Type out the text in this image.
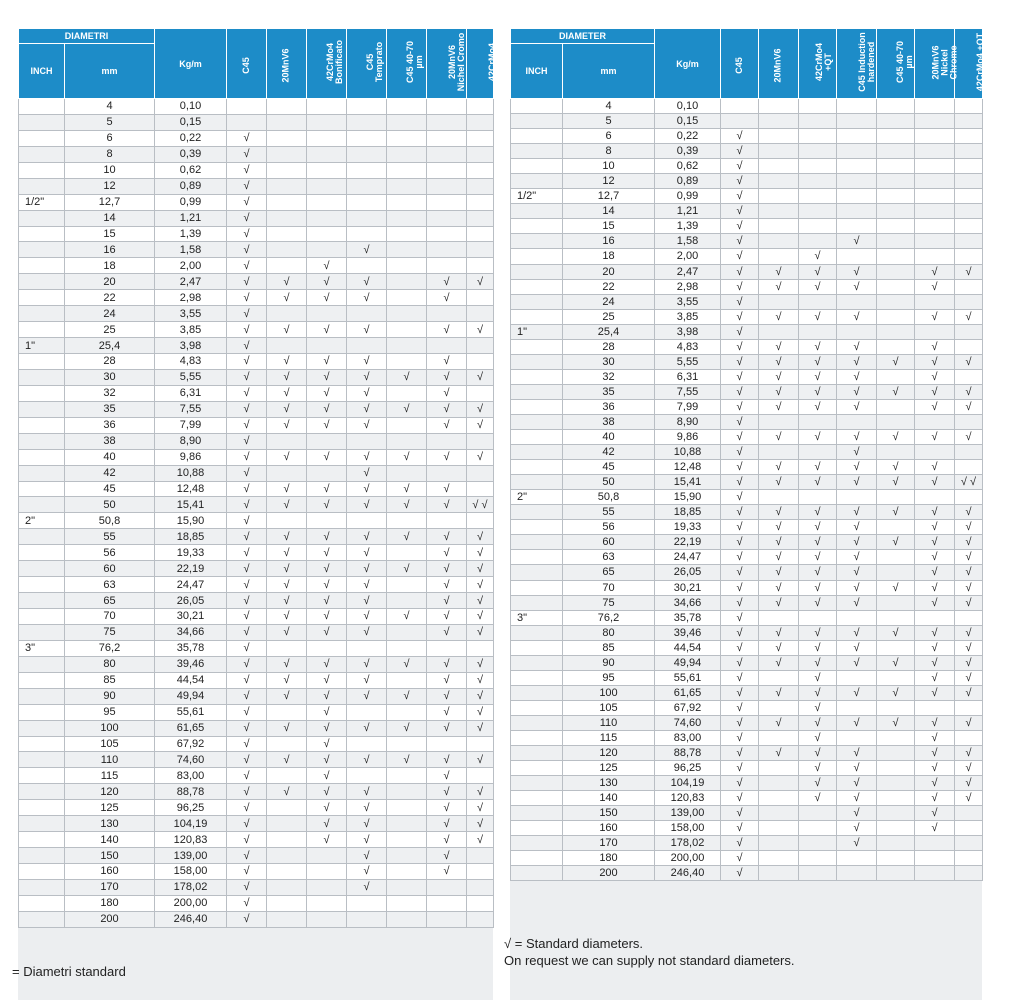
DIAMETRI		Kg/m	C45	20MnV6	42CrMo4 Bonificato	C45 Temprato	C45 40-70 µm	20MnV6 Nichel Cromo	42CrMo4 Bonificato
INCH	mm								
	4	0,10							
	5	0,15							
	6	0,22	√						
	8	0,39	√						
	10	0,62	√						
	12	0,89	√						
1/2"	12,7	0,99	√						
	14	1,21	√						
	15	1,39	√						
	16	1,58	√			√			
	18	2,00	√		√				
	20	2,47	√	√	√	√		√	√
	22	2,98	√	√	√	√		√	
	24	3,55	√						
	25	3,85	√	√	√	√		√	√
1"	25,4	3,98	√						
	28	4,83	√	√	√	√		√	
	30	5,55	√	√	√	√	√	√	√
	32	6,31	√	√	√	√		√	
	35	7,55	√	√	√	√	√	√	√
	36	7,99	√	√	√	√		√	√
	38	8,90	√						
	40	9,86	√	√	√	√	√	√	√
	42	10,88	√			√			
	45	12,48	√	√	√	√	√	√	
	50	15,41	√	√	√	√	√	√	√ √
2"	50,8	15,90	√						
	55	18,85	√	√	√	√	√	√	√
	56	19,33	√	√	√	√		√	√
	60	22,19	√	√	√	√	√	√	√
	63	24,47	√	√	√	√		√	√
	65	26,05	√	√	√	√		√	√
	70	30,21	√	√	√	√	√	√	√
	75	34,66	√	√	√	√		√	√
3"	76,2	35,78	√						
	80	39,46	√	√	√	√	√	√	√
	85	44,54	√	√	√	√		√	√
	90	49,94	√	√	√	√	√	√	√
	95	55,61	√		√			√	√
	100	61,65	√	√	√	√	√	√	√
	105	67,92	√		√				
	110	74,60	√	√	√	√	√	√	√
	115	83,00	√		√			√	
	120	88,78	√	√	√	√		√	√
	125	96,25	√		√	√		√	√
	130	104,19	√		√	√		√	√
	140	120,83	√		√	√		√	√
	150	139,00	√			√		√	
	160	158,00	√			√		√	
	170	178,02	√			√			
	180	200,00	√						
	200	246,40	√						
= Diametri standard
DIAMETER		Kg/m	C45	20MnV6	42CrMo4 +QT	C45 Induction hardened	C45 40-70 µm	20MnV6 Nickel Chrome	42CrMo4 +QT + IH
INCH	mm								
	4	0,10							
	5	0,15							
	6	0,22	√						
	8	0,39	√						
	10	0,62	√						
	12	0,89	√						
1/2"	12,7	0,99	√						
	14	1,21	√						
	15	1,39	√						
	16	1,58	√			√			
	18	2,00	√		√				
	20	2,47	√	√	√	√		√	√
	22	2,98	√	√	√	√		√	
	24	3,55	√						
	25	3,85	√	√	√	√		√	√
1"	25,4	3,98	√						
	28	4,83	√	√	√	√		√	
	30	5,55	√	√	√	√	√	√	√
	32	6,31	√	√	√	√		√	
	35	7,55	√	√	√	√	√	√	√
	36	7,99	√	√	√	√		√	√
	38	8,90	√						
	40	9,86	√	√	√	√	√	√	√
	42	10,88	√			√			
	45	12,48	√	√	√	√	√	√	
	50	15,41	√	√	√	√	√	√	√ √
2"	50,8	15,90	√						
	55	18,85	√	√	√	√	√	√	√
	56	19,33	√	√	√	√		√	√
	60	22,19	√	√	√	√	√	√	√
	63	24,47	√	√	√	√		√	√
	65	26,05	√	√	√	√		√	√
	70	30,21	√	√	√	√	√	√	√
	75	34,66	√	√	√	√		√	√
3"	76,2	35,78	√						
	80	39,46	√	√	√	√	√	√	√
	85	44,54	√	√	√	√		√	√
	90	49,94	√	√	√	√	√	√	√
	95	55,61	√		√			√	√
	100	61,65	√	√	√	√	√	√	√
	105	67,92	√		√				
	110	74,60	√	√	√	√	√	√	√
	115	83,00	√		√			√	
	120	88,78	√	√	√	√		√	√
	125	96,25	√		√	√		√	√
	130	104,19	√		√	√		√	√
	140	120,83	√		√	√		√	√
	150	139,00	√			√		√	
	160	158,00	√			√		√	
	170	178,02	√			√			
	180	200,00	√						
	200	246,40	√						
√ = Standard diameters.
On request we can supply not standard diameters.
